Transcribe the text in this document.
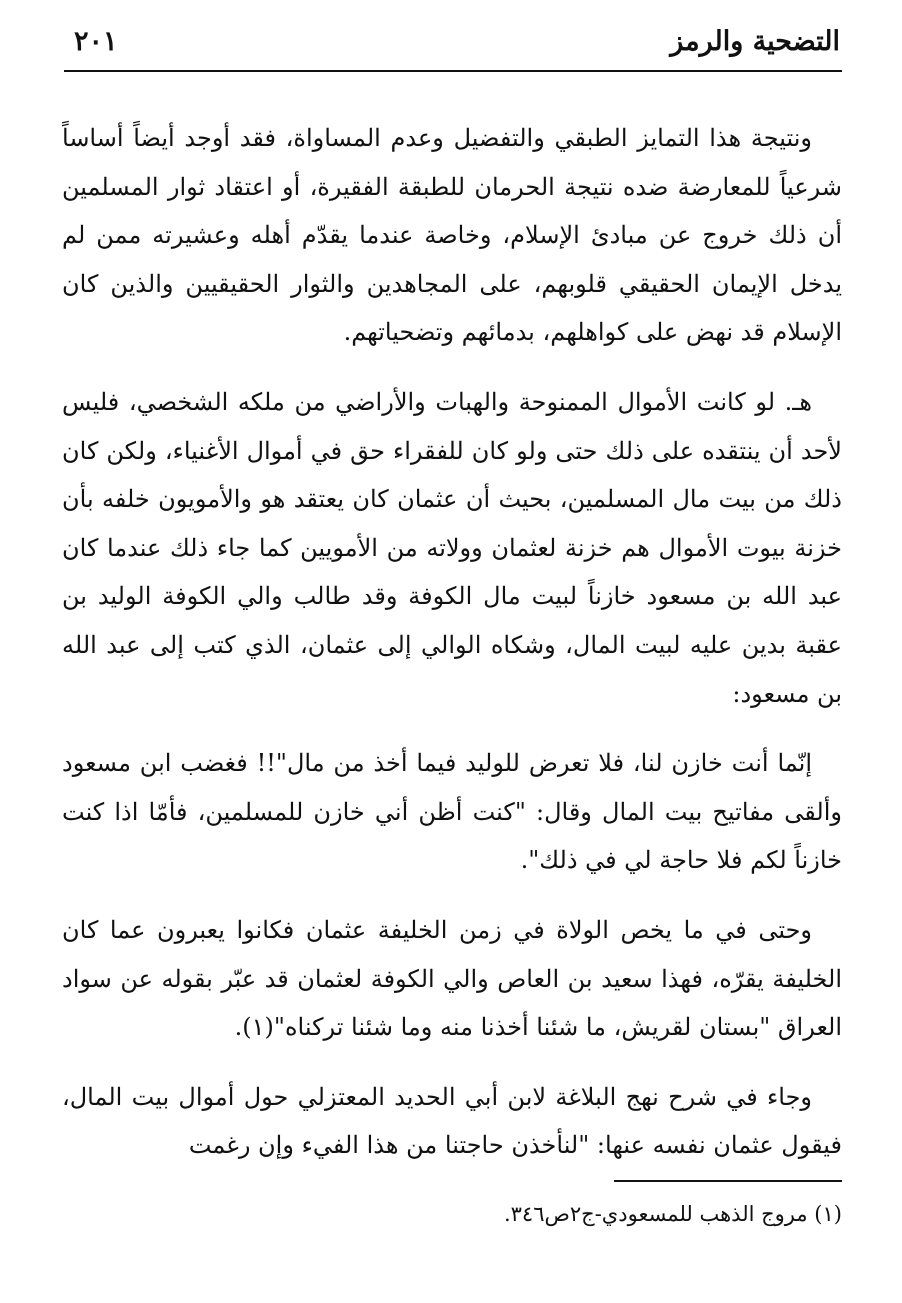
التضحية والرمز
٢٠١

ونتيجة هذا التمايز الطبقي والتفضيل وعدم المساواة، فقد أوجد أيضاً أساساً شرعياً للمعارضة ضده نتيجة الحرمان للطبقة الفقيرة، أو اعتقاد ثوار المسلمين أن ذلك خروج عن مبادئ الإسلام، وخاصة عندما يقدّم أهله وعشيرته ممن لم يدخل الإيمان الحقيقي قلوبهم، على المجاهدين والثوار الحقيقيين والذين كان الإسلام قد نهض على كواهلهم، بدمائهم وتضحياتهم.

هـ. لو كانت الأموال الممنوحة والهبات والأراضي من ملكه الشخصي، فليس لأحد أن ينتقده على ذلك حتى ولو كان للفقراء حق في أموال الأغنياء، ولكن كان ذلك من بيت مال المسلمين، بحيث أن عثمان كان يعتقد هو والأمويون خلفه بأن خزنة بيوت الأموال هم خزنة لعثمان وولاته من الأمويين كما جاء ذلك عندما كان عبد الله بن مسعود خازناً لبيت مال الكوفة وقد طالب والي الكوفة الوليد بن عقبة بدين عليه لبيت المال، وشكاه الوالي إلى عثمان، الذي كتب إلى عبد الله بن مسعود:

إنّما أنت خازن لنا، فلا تعرض للوليد فيما أخذ من مال"!! فغضب ابن مسعود وألقى مفاتيح بيت المال وقال: "كنت أظن أني خازن للمسلمين، فأمّا اذا كنت خازناً لكم فلا حاجة لي في ذلك".

وحتى في ما يخص الولاة في زمن الخليفة عثمان فكانوا يعبرون عما كان الخليفة يقرّه، فهذا سعيد بن العاص والي الكوفة لعثمان قد عبّر بقوله عن سواد العراق "بستان لقريش، ما شئنا أخذنا منه وما شئنا تركناه"(١).

وجاء في شرح نهج البلاغة لابن أبي الحديد المعتزلي حول أموال بيت المال، فيقول عثمان نفسه عنها: "لنأخذن حاجتنا من هذا الفيء وإن رغمت

(١) مروج الذهب للمسعودي-ج٢ص٣٤٦.
